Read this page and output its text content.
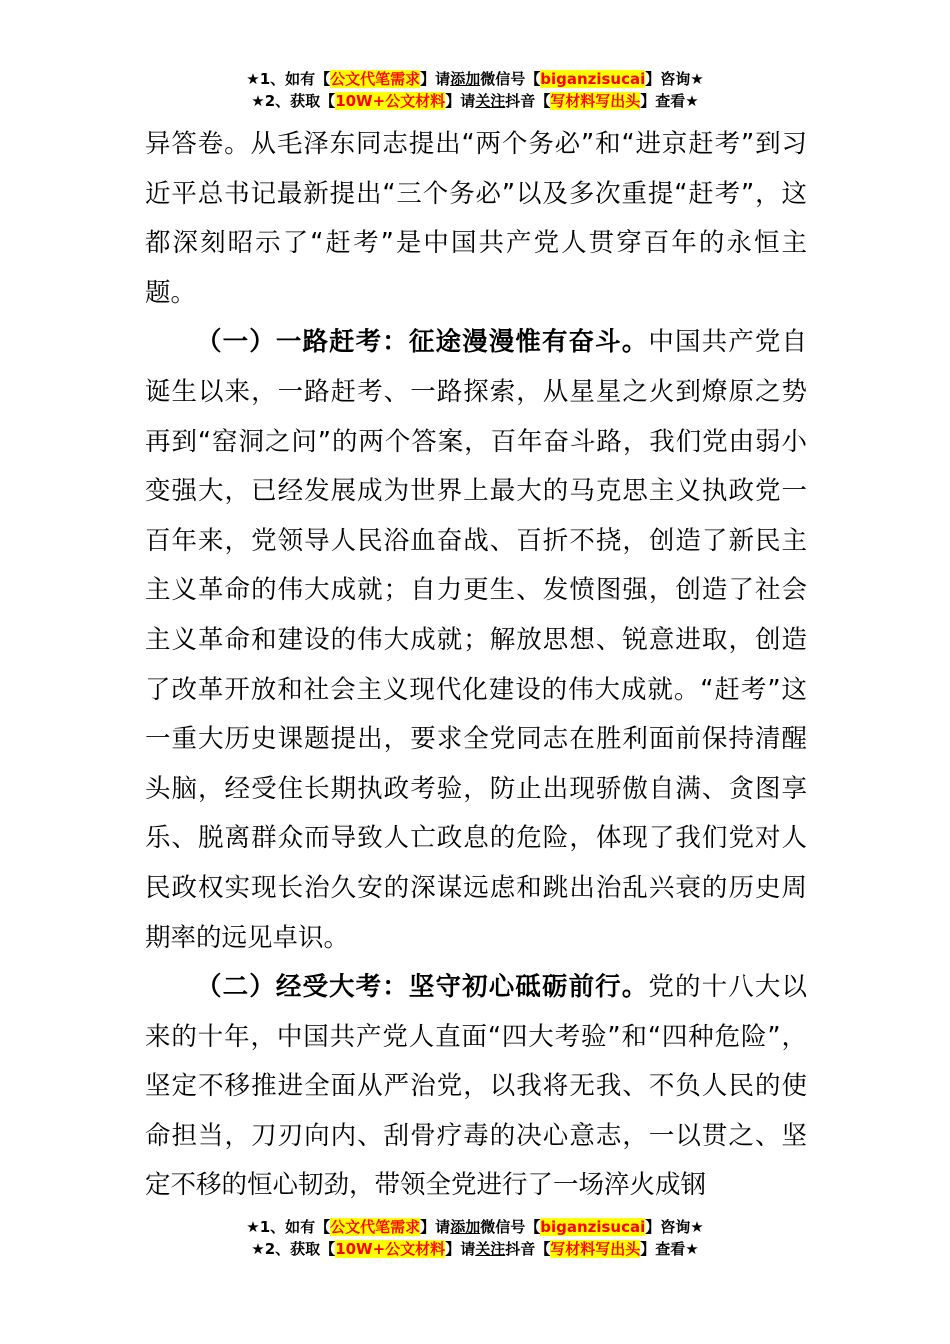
★1、如有【公文代笔需求】请添加微信号【biganzisucai】咨询★
★2、获取【10W+公文材料】请关注抖音【写材料写出头】查看★

异答卷。从毛泽东同志提出“两个务必”和“进京赶考”到习近平总书记最新提出“三个务必”以及多次重提“赶考”，这都深刻昭示了“赶考”是中国共产党人贯穿百年的永恒主题。

（一）一路赶考：征途漫漫惟有奋斗。中国共产党自诞生以来，一路赶考、一路探索，从星星之火到燎原之势再到“窑洞之问”的两个答案，百年奋斗路，我们党由弱小变强大，已经发展成为世界上最大的马克思主义执政党一百年来，党领导人民浴血奋战、百折不挠，创造了新民主主义革命的伟大成就；自力更生、发愤图强，创造了社会主义革命和建设的伟大成就；解放思想、锐意进取，创造了改革开放和社会主义现代化建设的伟大成就。“赶考”这一重大历史课题提出，要求全党同志在胜利面前保持清醒头脑，经受住长期执政考验，防止出现骄傲自满、贪图享乐、脱离群众而导致人亡政息的危险，体现了我们党对人民政权实现长治久安的深谋远虑和跳出治乱兴衰的历史周期率的远见卓识。

（二）经受大考：坚守初心砥砺前行。党的十八大以来的十年，中国共产党人直面“四大考验”和“四种危险”，坚定不移推进全面从严治党，以我将无我、不负人民的使命担当，刀刃向内、刮骨疗毒的决心意志，一以贯之、坚定不移的恒心韧劲，带领全党进行了一场淬火成钢

★1、如有【公文代笔需求】请添加微信号【biganzisucai】咨询★
★2、获取【10W+公文材料】请关注抖音【写材料写出头】查看★
